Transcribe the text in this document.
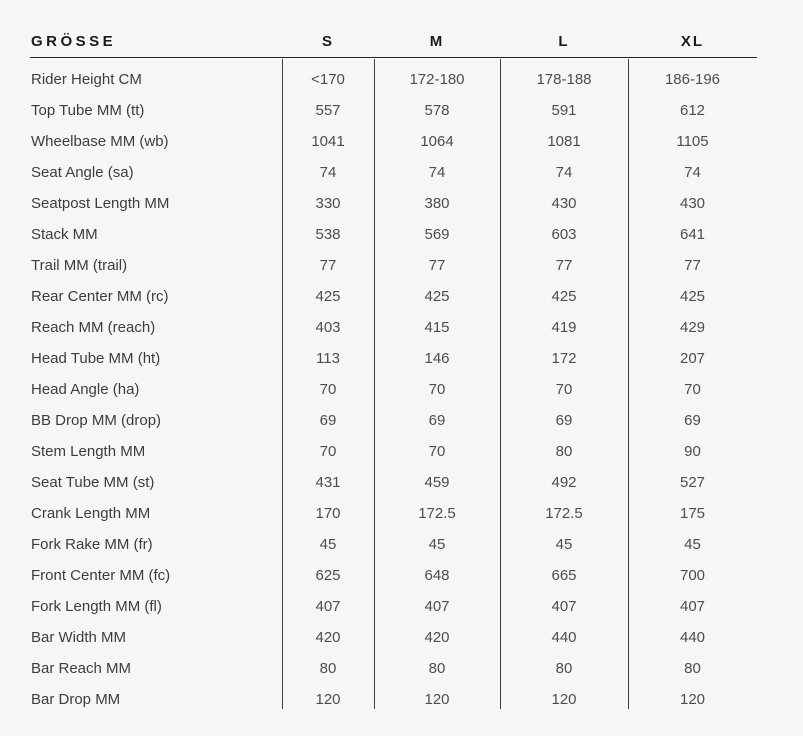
GRÖSSE	S	M	L	XL
Rider Height CM	<170	172-180	178-188	186-196
Top Tube MM (tt)	557	578	591	612
Wheelbase MM (wb)	1041	1064	1081	1105
Seat Angle (sa)	74	74	74	74
Seatpost Length MM	330	380	430	430
Stack MM	538	569	603	641
Trail MM (trail)	77	77	77	77
Rear Center MM (rc)	425	425	425	425
Reach MM (reach)	403	415	419	429
Head Tube MM (ht)	113	146	172	207
Head Angle (ha)	70	70	70	70
BB Drop MM (drop)	69	69	69	69
Stem Length MM	70	70	80	90
Seat Tube MM (st)	431	459	492	527
Crank Length MM	170	172.5	172.5	175
Fork Rake MM (fr)	45	45	45	45
Front Center MM (fc)	625	648	665	700
Fork Length MM (fl)	407	407	407	407
Bar Width MM	420	420	440	440
Bar Reach MM	80	80	80	80
Bar Drop MM	120	120	120	120
